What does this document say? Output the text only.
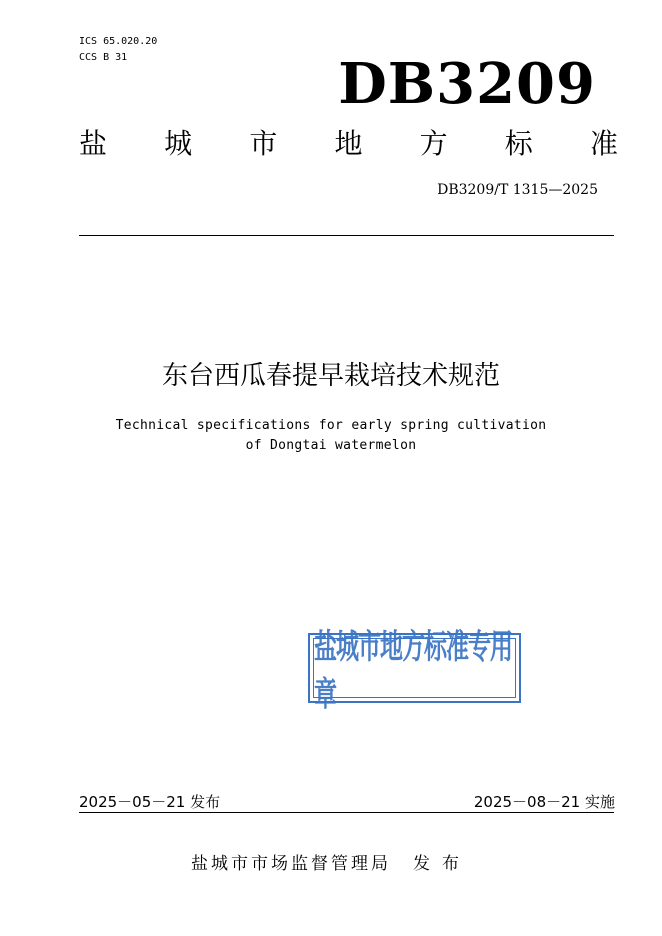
ICS 65.020.20
CCS B 31	DB3209
盐 城 市 地 方 标 准
DB3209/T 1315—2025
东台西瓜春提早栽培技术规范
Technical specifications for early spring cultivation
of Dongtai watermelon
盐城市地方标准专用章
2025－05－21 发布	2025－08－21 实施
盐城市市场监督管理局 发布
